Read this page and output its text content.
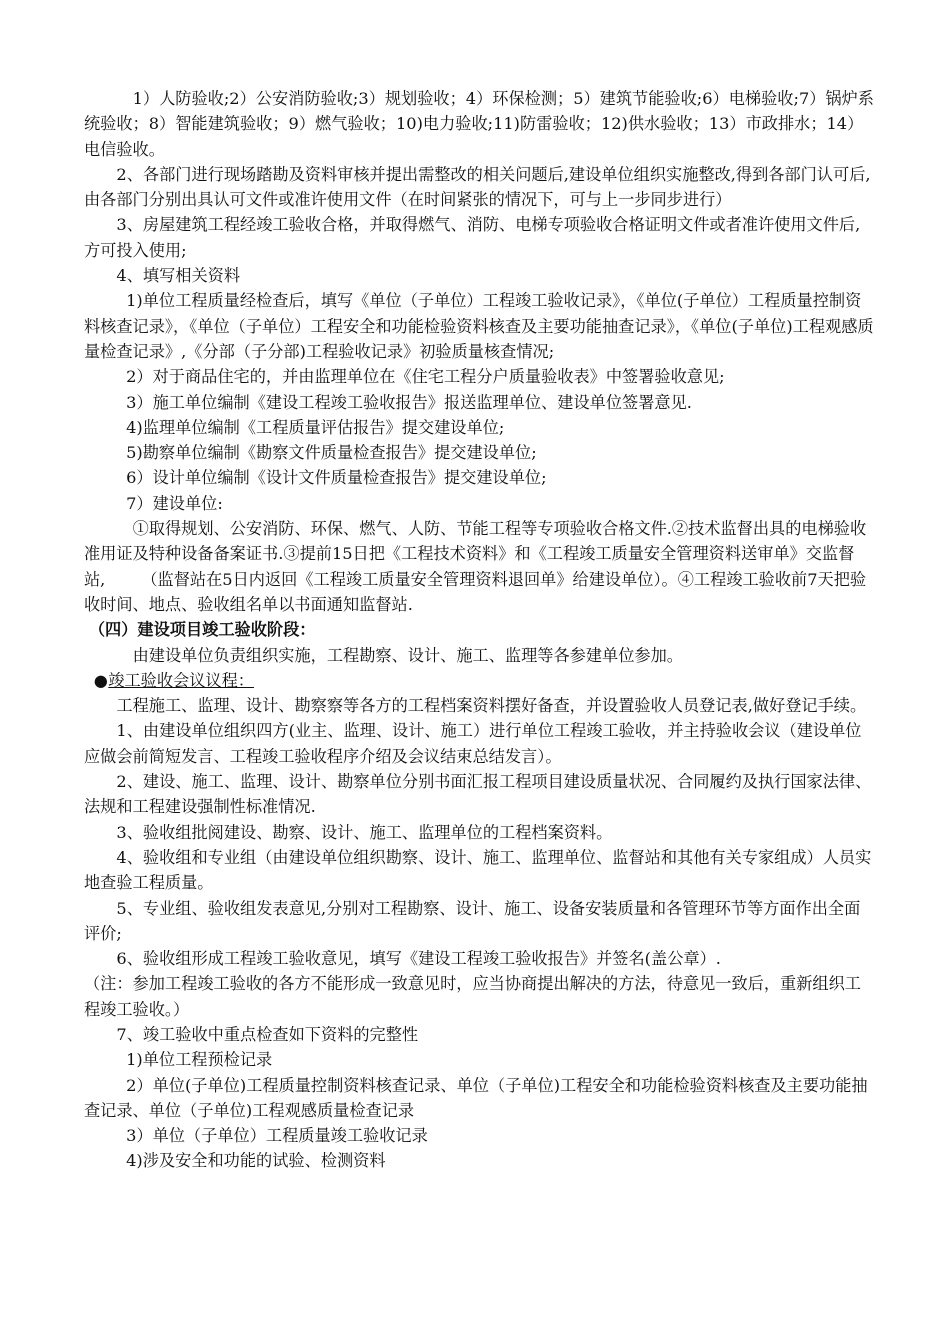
1）人防验收;2）公安消防验收;3）规划验收；4）环保检测；5）建筑节能验收;6）电梯验收;7）锅炉系统验收；8）智能建筑验收；9）燃气验收；10)电力验收;11)防雷验收；12)供水验收；13）市政排水；14）电信验收。

2、各部门进行现场踏勘及资料审核并提出需整改的相关问题后,建设单位组织实施整改,得到各部门认可后,由各部门分别出具认可文件或准许使用文件（在时间紧张的情况下，可与上一步同步进行）

3、房屋建筑工程经竣工验收合格，并取得燃气、消防、电梯专项验收合格证明文件或者准许使用文件后,方可投入使用;

4、填写相关资料

1)单位工程质量经检查后，填写《单位（子单位）工程竣工验收记录》，《单位(子单位）工程质量控制资料核查记录》，《单位（子单位）工程安全和功能检验资料核查及主要功能抽查记录》，《单位(子单位)工程观感质量检查记录》,《分部（子分部)工程验收记录》初验质量核查情况;

2）对于商品住宅的，并由监理单位在《住宅工程分户质量验收表》中签署验收意见;

3）施工单位编制《建设工程竣工验收报告》报送监理单位、建设单位签署意见.

4)监理单位编制《工程质量评估报告》提交建设单位;

5)勘察单位编制《勘察文件质量检查报告》提交建设单位;

6）设计单位编制《设计文件质量检查报告》提交建设单位;

7）建设单位:

①取得规划、公安消防、环保、燃气、人防、节能工程等专项验收合格文件.②技术监督出具的电梯验收准用证及特种设备备案证书.③提前15日把《工程技术资料》和《工程竣工质量安全管理资料送审单》交监督站, （监督站在5日内返回《工程竣工质量安全管理资料退回单》给建设单位）。④工程竣工验收前7天把验收时间、地点、验收组名单以书面通知监督站.

（四）建设项目竣工验收阶段：

由建设单位负责组织实施，工程勘察、设计、施工、监理等各参建单位参加。

●竣工验收会议议程：

工程施工、监理、设计、勘察察等各方的工程档案资料摆好备查，并设置验收人员登记表,做好登记手续。

1、由建设单位组织四方(业主、监理、设计、施工）进行单位工程竣工验收，并主持验收会议（建设单位应做会前简短发言、工程竣工验收程序介绍及会议结束总结发言）。

2、建设、施工、监理、设计、勘察单位分别书面汇报工程项目建设质量状况、合同履约及执行国家法律、法规和工程建设强制性标准情况.

3、验收组批阅建设、勘察、设计、施工、监理单位的工程档案资料。

4、验收组和专业组（由建设单位组织勘察、设计、施工、监理单位、监督站和其他有关专家组成）人员实地查验工程质量。

5、专业组、验收组发表意见,分别对工程勘察、设计、施工、设备安装质量和各管理环节等方面作出全面评价;

6、验收组形成工程竣工验收意见，填写《建设工程竣工验收报告》并签名(盖公章）.

（注：参加工程竣工验收的各方不能形成一致意见时，应当协商提出解决的方法，待意见一致后，重新组织工程竣工验收。）

7、竣工验收中重点检查如下资料的完整性

1)单位工程预检记录

2）单位(子单位)工程质量控制资料核查记录、单位（子单位)工程安全和功能检验资料核查及主要功能抽查记录、单位（子单位)工程观感质量检查记录

3）单位（子单位）工程质量竣工验收记录

4)涉及安全和功能的试验、检测资料
